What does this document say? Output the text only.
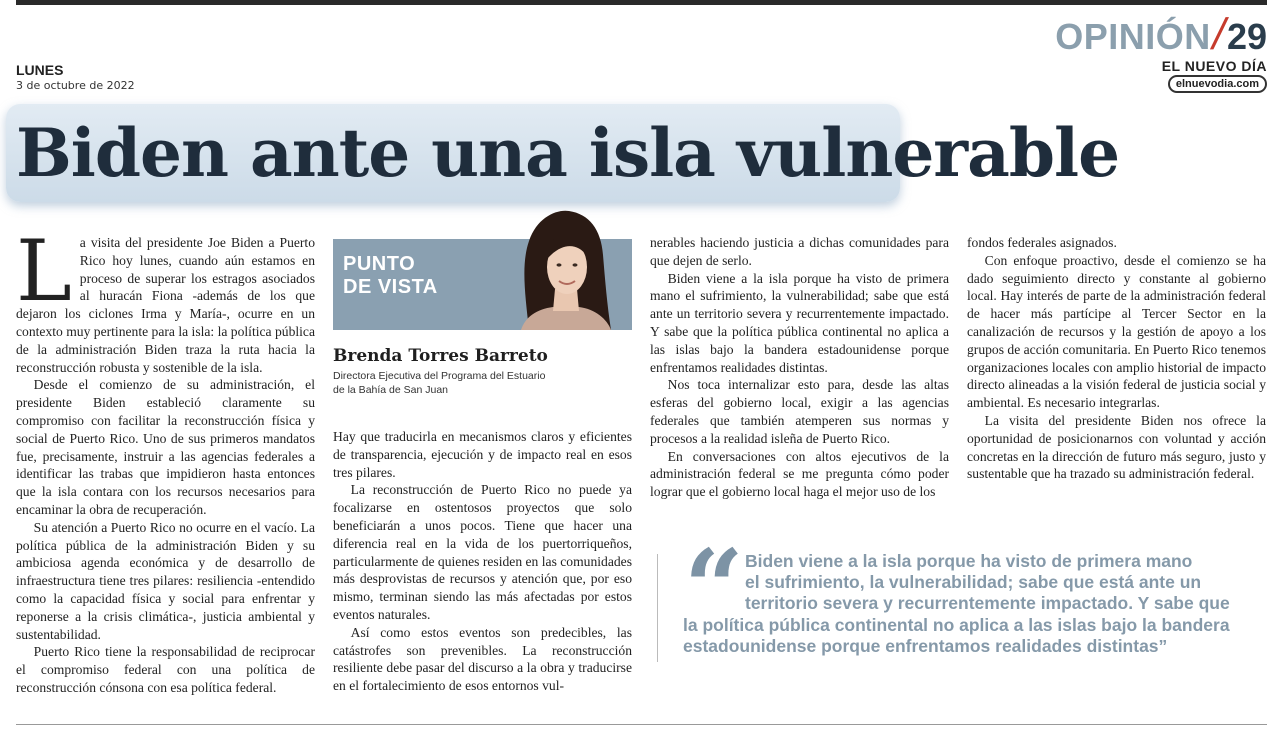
OPINIÓN
/
29
LUNES
3 de octubre de 2022
EL NUEVO DÍA
elnuevodia.com
Biden ante una isla vulnerable
L a visita del presidente Joe Biden a Puerto Rico hoy lunes, cuando aún estamos en proceso de superar los estragos asociados al huracán Fiona -además de los que dejaron los ciclones Irma y María-, ocurre en un contexto muy pertinente para la isla: la política pública de la administración Biden traza la ruta hacia la reconstrucción robusta y sostenible de la isla.

Desde el comienzo de su administración, el presidente Biden estableció claramente su compromiso con facilitar la reconstrucción física y social de Puerto Rico. Uno de sus primeros mandatos fue, precisamente, instruir a las agencias federales a identificar las trabas que impidieron hasta entonces que la isla contara con los recursos necesarios para encaminar la obra de recuperación.

Su atención a Puerto Rico no ocurre en el vacío. La política pública de la administración Biden y su ambiciosa agenda económica y de desarrollo de infraestructura tiene tres pilares: resiliencia -entendido como la capacidad física y social para enfrentar y reponerse a la crisis climática-, justicia ambiental y sustentabilidad.

Puerto Rico tiene la responsabilidad de reciprocar el compromiso federal con una política de reconstrucción cónsona con esa política federal.

PUNTO
DE VISTA
Brenda Torres Barreto
Directora Ejecutiva del Programa del Estuario
de la Bahía de San Juan

Hay que traducirla en mecanismos claros y eficientes de transparencia, ejecución y de impacto real en esos tres pilares.

La reconstrucción de Puerto Rico no puede ya focalizarse en ostentosos proyectos que solo beneficiarán a unos pocos. Tiene que hacer una diferencia real en la vida de los puertorriqueños, particularmente de quienes residen en las comunidades más desprovistas de recursos y atención que, por eso mismo, terminan siendo las más afectadas por estos eventos naturales.

Así como estos eventos son predecibles, las catástrofes son prevenibles. La reconstrucción resiliente debe pasar del discurso a la obra y traducirse en el fortalecimiento de esos entornos vul-

nerables haciendo justicia a dichas comunidades para que dejen de serlo.

Biden viene a la isla porque ha visto de primera mano el sufrimiento, la vulnerabilidad; sabe que está ante un territorio severa y recurrentemente impactado. Y sabe que la política pública continental no aplica a las islas bajo la bandera estadounidense porque enfrentamos realidades distintas.

Nos toca internalizar esto para, desde las altas esferas del gobierno local, exigir a las agencias federales que también atemperen sus normas y procesos a la realidad isleña de Puerto Rico.

En conversaciones con altos ejecutivos de la administración federal se me pregunta cómo poder lograr que el gobierno local haga el mejor uso de los

fondos federales asignados.

Con enfoque proactivo, desde el comienzo se ha dado seguimiento directo y constante al gobierno local. Hay interés de parte de la administración federal de hacer más partícipe al Tercer Sector en la canalización de recursos y la gestión de apoyo a los grupos de acción comunitaria. En Puerto Rico tenemos organizaciones locales con amplio historial de impacto directo alineadas a la visión federal de justicia social y ambiental. Es necesario integrarlas.

La visita del presidente Biden nos ofrece la oportunidad de posicionarnos con voluntad y acción concretas en la dirección de futuro más seguro, justo y sustentable que ha trazado su administración federal.

“ Biden viene a la isla porque ha visto de primera mano
el sufrimiento, la vulnerabilidad; sabe que está ante un
territorio severa y recurrentemente impactado. Y sabe que
la política pública continental no aplica a las islas bajo la bandera
estadounidense porque enfrentamos realidades distintas”
